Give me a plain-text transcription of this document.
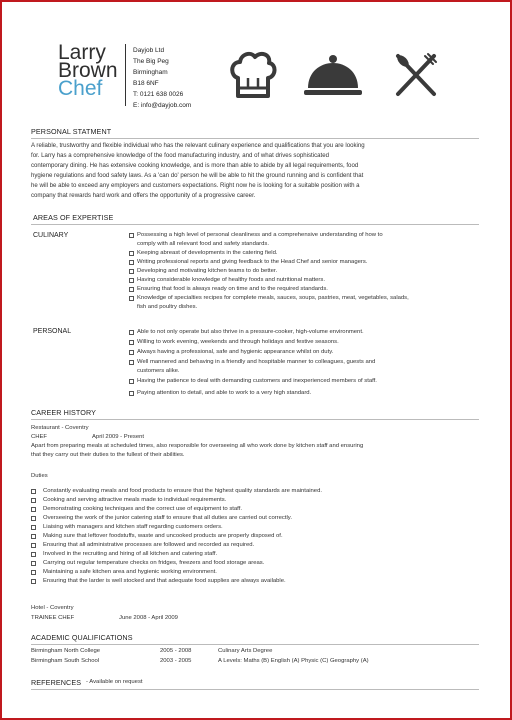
Larry
Brown
Chef
Dayjob Ltd
The Big Peg
Birmingham
B18 6NF
T: 0121 638 0026
E: info@dayjob.com
PERSONAL STATMENT
A reliable, trustworthy and flexible individual who has the relevant culinary experience and qualifications that you are looking
for. Larry has a comprehensive knowledge of the food manufacturing industry, and of what drives sophisticated
contemporary dining. He has extensive cooking knowledge, and is more than able to abide by all legal requirements, food
hygiene regulations and food safety laws. As a 'can do' person he will be able to hit the ground running and is confident that
he will be able to exceed any employers and customers expectations. Right now he is looking for a suitable position with a
company that rewards hard work and offers the opportunity of a progressive career.
AREAS OF EXPERTISE
CULINARY	Possessing a high level of personal cleanliness and a comprehensive understanding of how to
comply with all relevant food and safety standards.
Keeping abreast of developments in the catering field.
Writing professional reports and giving feedback to the Head Chef and senior managers.
Developing and motivating kitchen teams to do better.
Having considerable knowledge of healthy foods and nutritional matters.
Ensuring that food is always ready on time and to the required standards.
Knowledge of specialties recipes for complete meals, sauces, soups, pastries, meat, vegetables, salads,
fish and poultry dishes.
PERSONAL	Able to not only operate but also thrive in a pressure-cooker, high-volume environment.
Willing to work evening, weekends and through holidays and festive seasons.
Always having a professional, safe and hygienic appearance whilst on duty.
Well mannered and behaving in a friendly and hospitable manner to colleagues, guests and
customers alike.
Having the patience to deal with demanding customers and inexperienced members of staff.
Paying attention to detail, and able to work to a very high standard.
CAREER HISTORY
Restaurant - Coventry
CHEF	April 2009 - Present
Apart from preparing meals at scheduled times, also responsible for overseeing all who work done by kitchen staff and ensuring
that they carry out their duties to the fullest of their abilities.
Duties
Constantly evaluating meals and food products to ensure that the highest quality standards are maintained.
Cooking and serving attractive meals made to individual requirements.
Demonstrating cooking techniques and the correct use of equipment to staff.
Overseeing the work of the junior catering staff to ensure that all duties are carried out correctly.
Liaising with managers and kitchen staff regarding customers orders.
Making sure that leftover foodstuffs, waste and uncooked products are properly disposed of.
Ensuring that all administrative processes are followed and recorded as required.
Involved in the recruiting and hiring of all kitchen and catering staff.
Carrying out regular temperature checks on fridges, freezers and food storage areas.
Maintaining a safe kitchen area and hygienic working environment.
Ensuring that the larder is well stocked and that adequate food supplies are always available.
Hotel - Coventry
TRAINEE CHEF	June 2008 - April 2009
ACADEMIC QUALIFICATIONS
Birmingham North College	2005 - 2008	Culinary Arts Degree
Birmingham South School	2003 - 2005	A Levels: Maths (B) English (A) Physic (C) Geography (A)
REFERENCES - Available on request
